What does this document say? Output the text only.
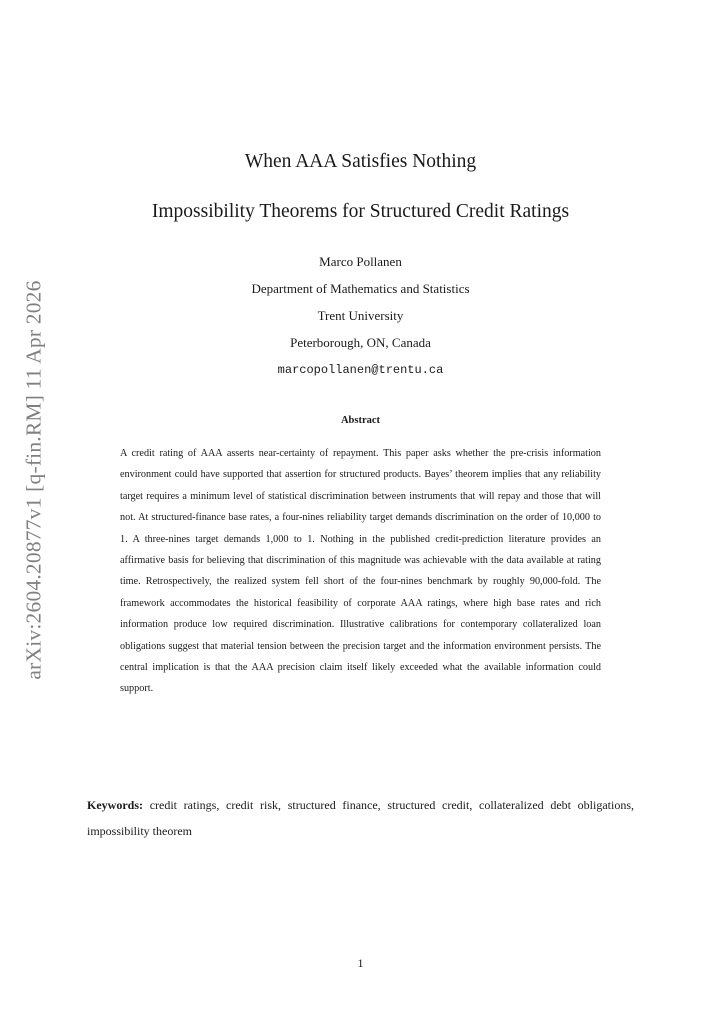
arXiv:2604.20877v1 [q-fin.RM] 11 Apr 2026
When AAA Satisfies Nothing
Impossibility Theorems for Structured Credit Ratings
Marco Pollanen
Department of Mathematics and Statistics
Trent University
Peterborough, ON, Canada
marcopollanen@trentu.ca
Abstract

A credit rating of AAA asserts near-certainty of repayment. This paper asks whether the pre-crisis information environment could have supported that assertion for structured products. Bayes’ theorem implies that any reliability target requires a minimum level of statistical discrimination between instruments that will repay and those that will not. At structured-finance base rates, a four-nines reliability target demands discrimination on the order of 10,000 to 1. A three-nines target demands 1,000 to 1. Nothing in the published credit-prediction literature provides an affirmative basis for believing that discrimination of this magnitude was achievable with the data available at rating time. Retrospectively, the realized system fell short of the four-nines benchmark by roughly 90,000-fold. The framework accommodates the historical feasibility of corporate AAA ratings, where high base rates and rich information produce low required discrimination. Illustrative calibrations for contemporary collateralized loan obligations suggest that material tension between the precision target and the information environment persists. The central implication is that the AAA precision claim itself likely exceeded what the available information could support.

Keywords: credit ratings, credit risk, structured finance, structured credit, collateralized debt obligations, impossibility theorem

1
